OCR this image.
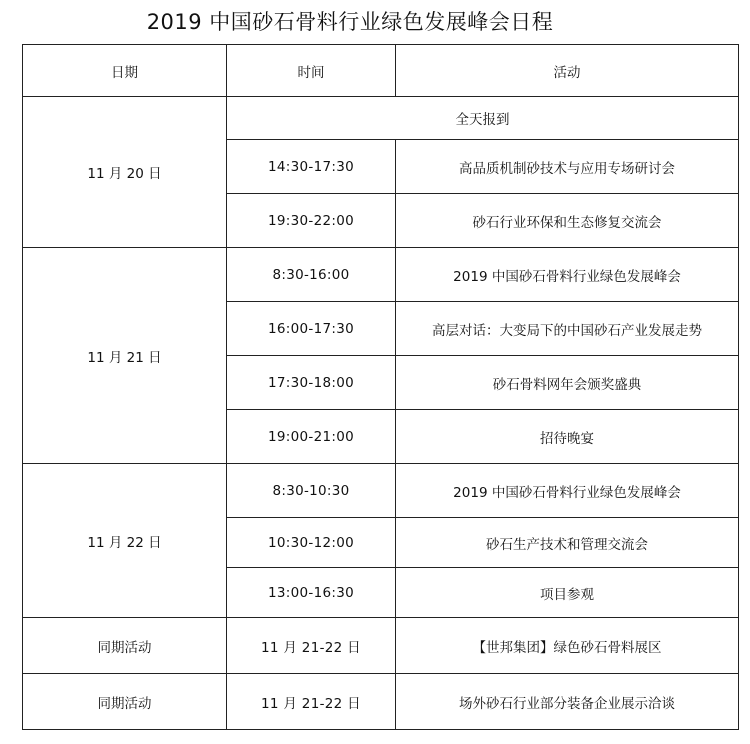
2019 中国砂石骨料行业绿色发展峰会日程
日期	时间	活动
11 月 20 日	全天报到	
	14:30-17:30	高品质机制砂技术与应用专场研讨会
	19:30-22:00	砂石行业环保和生态修复交流会
11 月 21 日	8:30-16:00	2019 中国砂石骨料行业绿色发展峰会
	16:00-17:30	高层对话：大变局下的中国砂石产业发展走势
	17:30-18:00	砂石骨料网年会颁奖盛典
	19:00-21:00	招待晚宴
11 月 22 日	8:30-10:30	2019 中国砂石骨料行业绿色发展峰会
	10:30-12:00	砂石生产技术和管理交流会
	13:00-16:30	项目参观
同期活动	11 月 21-22 日	【世邦集团】绿色砂石骨料展区
同期活动	11 月 21-22 日	场外砂石行业部分装备企业展示洽谈
